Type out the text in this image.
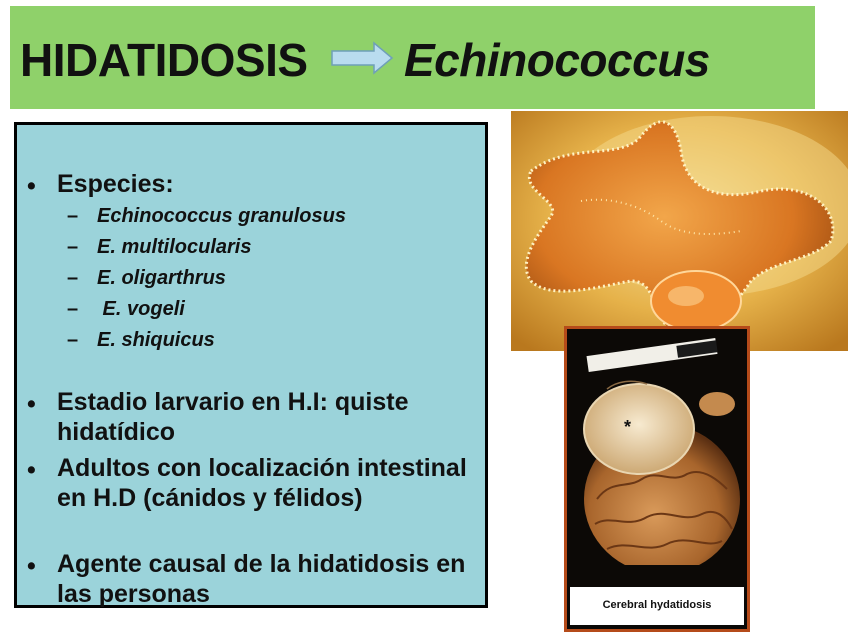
HIDATIDOSIS Echinococcus
• Especies:
– Echinococcus granulosus
– E. multilocularis
– E. oligarthrus
– E. vogeli
– E. shiquicus
• Estadio larvario en H.I: quiste hidatídico
• Adultos con localización intestinal en H.D (cánidos y félidos)
• Agente causal de la hidatidosis en las personas
*
Cerebral hydatidosis
